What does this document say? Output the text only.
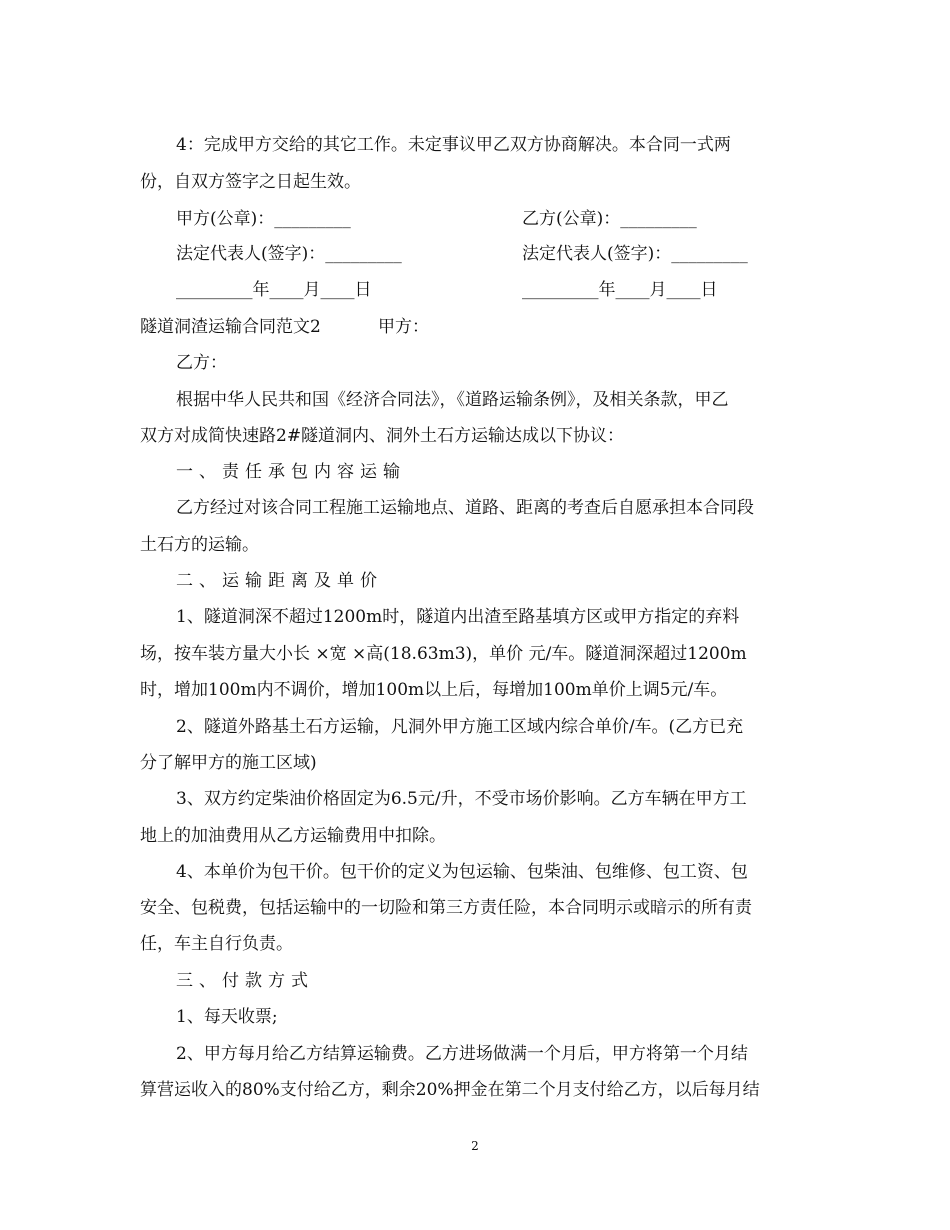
4：完成甲方交给的其它工作。未定事议甲乙双方协商解决。本合同一式两
份，自双方签字之日起生效。
甲方(公章)：_________	乙方(公章)：_________
法定代表人(签字)：_________	法定代表人(签字)：_________
_________年____月____日	_________年____月____日
隧道洞渣运输合同范文2	甲方：
乙方：
根据中华人民共和国《经济合同法》，《道路运输条例》，及相关条款，甲乙
双方对成简快速路2#隧道洞内、洞外土石方运输达成以下协议：
一、责任承包内容运输
乙方经过对该合同工程施工运输地点、道路、距离的考查后自愿承担本合同段
土石方的运输。
二、运输距离及单价
1、隧道洞深不超过1200m时，隧道内出渣至路基填方区或甲方指定的弃料
场，按车装方量大小长 ×宽 ×高(18.63m3)，单价 元/车。隧道洞深超过1200m
时，增加100m内不调价，增加100m以上后，每增加100m单价上调5元/车。
2、隧道外路基土石方运输，凡洞外甲方施工区域内综合单价/车。(乙方已充
分了解甲方的施工区域)
3、双方约定柴油价格固定为6.5元/升，不受市场价影响。乙方车辆在甲方工
地上的加油费用从乙方运输费用中扣除。
4、本单价为包干价。包干价的定义为包运输、包柴油、包维修、包工资、包
安全、包税费，包括运输中的一切险和第三方责任险，本合同明示或暗示的所有责
任，车主自行负责。
三、付款方式
1、每天收票;
2、甲方每月给乙方结算运输费。乙方进场做满一个月后，甲方将第一个月结
算营运收入的80%支付给乙方，剩余20%押金在第二个月支付给乙方，以后每月结
2
